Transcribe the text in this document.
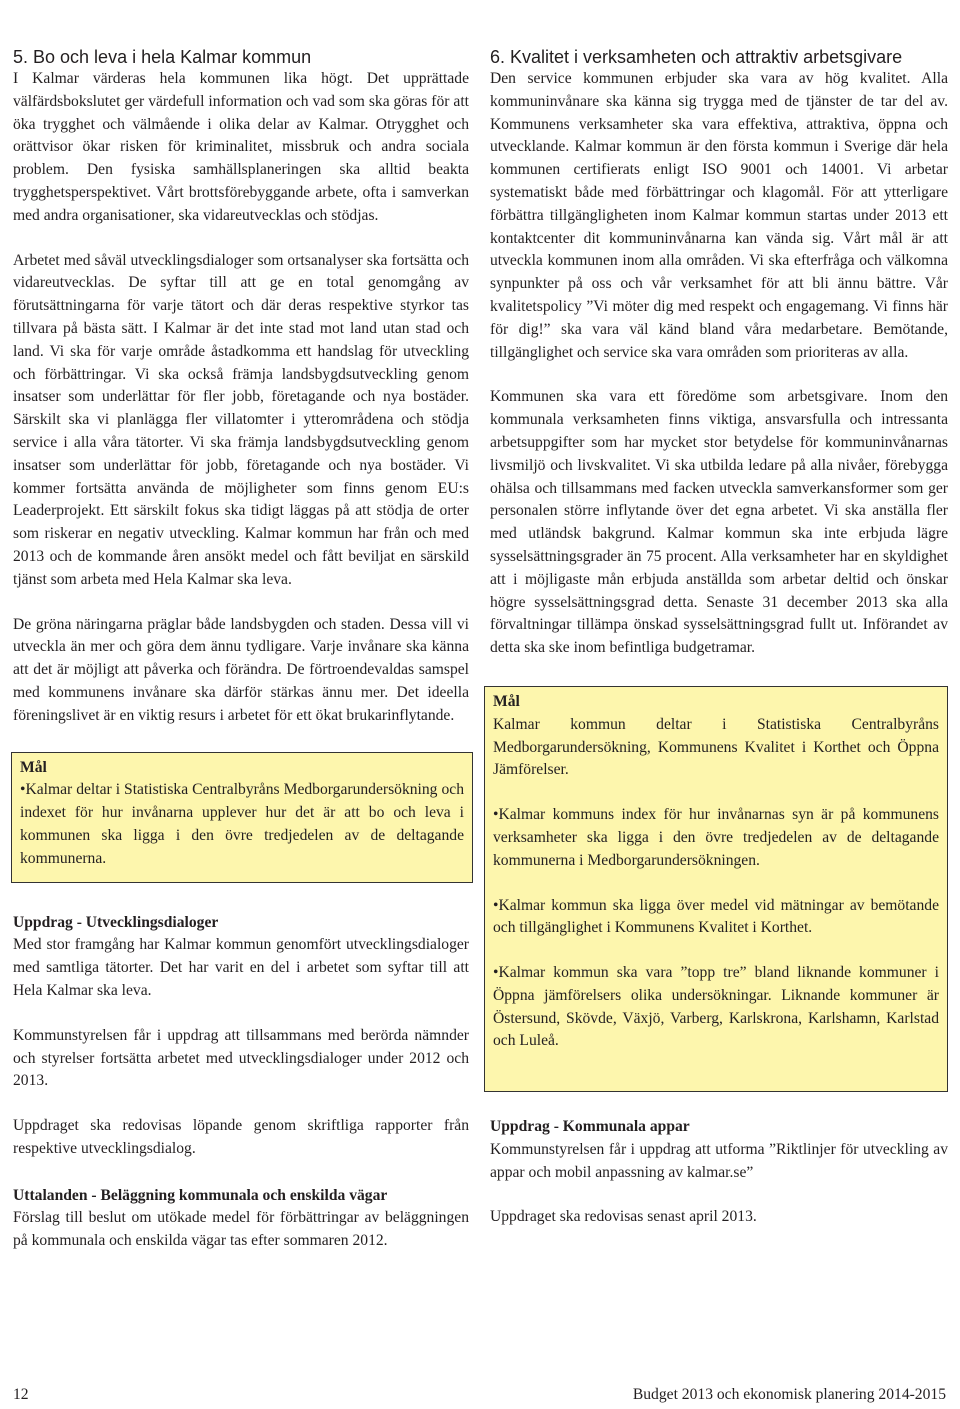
5. Bo och leva i hela Kalmar kommun

I Kalmar värderas hela kommunen lika högt. Det upprättade välfärdsbokslutet ger värdefull information och vad som ska göras för att öka trygghet och välmående i olika delar av Kalmar. Otrygghet och orättvisor ökar risken för kriminalitet, missbruk och andra sociala problem. Den fysiska samhällsplaneringen ska alltid beakta trygghetsperspektivet. Vårt brottsförebyggande arbete, ofta i samverkan med andra organisationer, ska vidareutvecklas och stödjas.

Arbetet med såväl utvecklingsdialoger som ortsanalyser ska fortsätta och vidareutvecklas. De syftar till att ge en total genomgång av förutsättningarna för varje tätort och där deras respektive styrkor tas tillvara på bästa sätt. I Kalmar är det inte stad mot land utan stad och land. Vi ska för varje område åstadkomma ett handslag för utveckling och förbättringar. Vi ska också främja landsbygdsutveckling genom insatser som underlättar för fler jobb, företagande och nya bostäder. Särskilt ska vi planlägga fler villatomter i ytterområdena och stödja service i alla våra tätorter. Vi ska främja landsbygdsutveckling genom insatser som underlättar för jobb, företagande och nya bostäder. Vi kommer fortsätta använda de möjligheter som finns genom EU:s Leaderprojekt. Ett särskilt fokus ska tidigt läggas på att stödja de orter som riskerar en negativ utveckling. Kalmar kommun har från och med 2013 och de kommande åren ansökt medel och fått beviljat en särskild tjänst som arbeta med Hela Kalmar ska leva.

De gröna näringarna präglar både landsbygden och staden. Dessa vill vi utveckla än mer och göra dem ännu tydligare. Varje invånare ska känna att det är möjligt att påverka och förändra. De förtroendevaldas samspel med kommunens invånare ska därför stärkas ännu mer. Det ideella föreningslivet är en viktig resurs i arbetet för ett ökat brukarinflytande.

Mål

•Kalmar deltar i Statistiska Centralbyråns Medborgarundersökning och indexet för hur invånarna upplever hur det är att bo och leva i kommunen ska ligga i den övre tredjedelen av de deltagande kommunerna.

Uppdrag - Utvecklingsdialoger

Med stor framgång har Kalmar kommun genomfört utvecklingsdialoger med samtliga tätorter. Det har varit en del i arbetet som syftar till att Hela Kalmar ska leva.

Kommunstyrelsen får i uppdrag att tillsammans med berörda nämnder och styrelser fortsätta arbetet med utvecklingsdialoger under 2012 och 2013.

Uppdraget ska redovisas löpande genom skriftliga rapporter från respektive utvecklingsdialog.

Uttalanden - Beläggning kommunala och enskilda vägar

Förslag till beslut om utökade medel för förbättringar av beläggningen på kommunala och enskilda vägar tas efter sommaren 2012.

6. Kvalitet i verksamheten och attraktiv arbetsgivare

Den service kommunen erbjuder ska vara av hög kvalitet. Alla kommuninvånare ska känna sig trygga med de tjänster de tar del av. Kommunens verksamheter ska vara effektiva, attraktiva, öppna och utvecklande. Kalmar kommun är den första kommun i Sverige där hela kommunen certifierats enligt ISO 9001 och 14001. Vi arbetar systematiskt både med förbättringar och klagomål. För att ytterligare förbättra tillgängligheten inom Kalmar kommun startas under 2013 ett kontaktcenter dit kommuninvånarna kan vända sig. Vårt mål är att utveckla kommunen inom alla områden. Vi ska efterfråga och välkomna synpunkter på oss och vår verksamhet för att bli ännu bättre. Vår kvalitetspolicy ”Vi möter dig med respekt och engagemang. Vi finns här för dig!” ska vara väl känd bland våra medarbetare. Bemötande, tillgänglighet och service ska vara områden som prioriteras av alla.

Kommunen ska vara ett föredöme som arbetsgivare. Inom den kommunala verksamheten finns viktiga, ansvarsfulla och intressanta arbetsuppgifter som har mycket stor betydelse för kommuninvånarnas livsmiljö och livskvalitet. Vi ska utbilda ledare på alla nivåer, förebygga ohälsa och tillsammans med facken utveckla samverkansformer som ger personalen större inflytande över det egna arbetet. Vi ska anställa fler med utländsk bakgrund. Kalmar kommun ska inte erbjuda lägre sysselsättningsgrader än 75 procent. Alla verksamheter har en skyldighet att i möjligaste mån erbjuda anställda som arbetar deltid och önskar högre sysselsättningsgrad detta. Senaste 31 december 2013 ska alla förvaltningar tillämpa önskad sysselsättningsgrad fullt ut. Införandet av detta ska ske inom befintliga budgetramar.

Mål

Kalmar kommun deltar i Statistiska Centralbyråns Medborgarundersökning, Kommunens Kvalitet i Korthet och Öppna Jämförelser.

•Kalmar kommuns index för hur invånarnas syn är på kommunens verksamheter ska ligga i den övre tredjedelen av de deltagande kommunerna i Medborgarundersökningen.

•Kalmar kommun ska ligga över medel vid mätningar av bemötande och tillgänglighet i Kommunens Kvalitet i Korthet.

•Kalmar kommun ska vara ”topp tre” bland liknande kommuner i Öppna jämförelsers olika undersökningar. Liknande kommuner är Östersund, Skövde, Växjö, Varberg, Karlskrona, Karlshamn, Karlstad och Luleå.

Uppdrag - Kommunala appar

Kommunstyrelsen får i uppdrag att utforma ”Riktlinjer för utveckling av appar och mobil anpassning av kalmar.se”

Uppdraget ska redovisas senast april 2013.

12	Budget 2013 och ekonomisk planering 2014-2015
